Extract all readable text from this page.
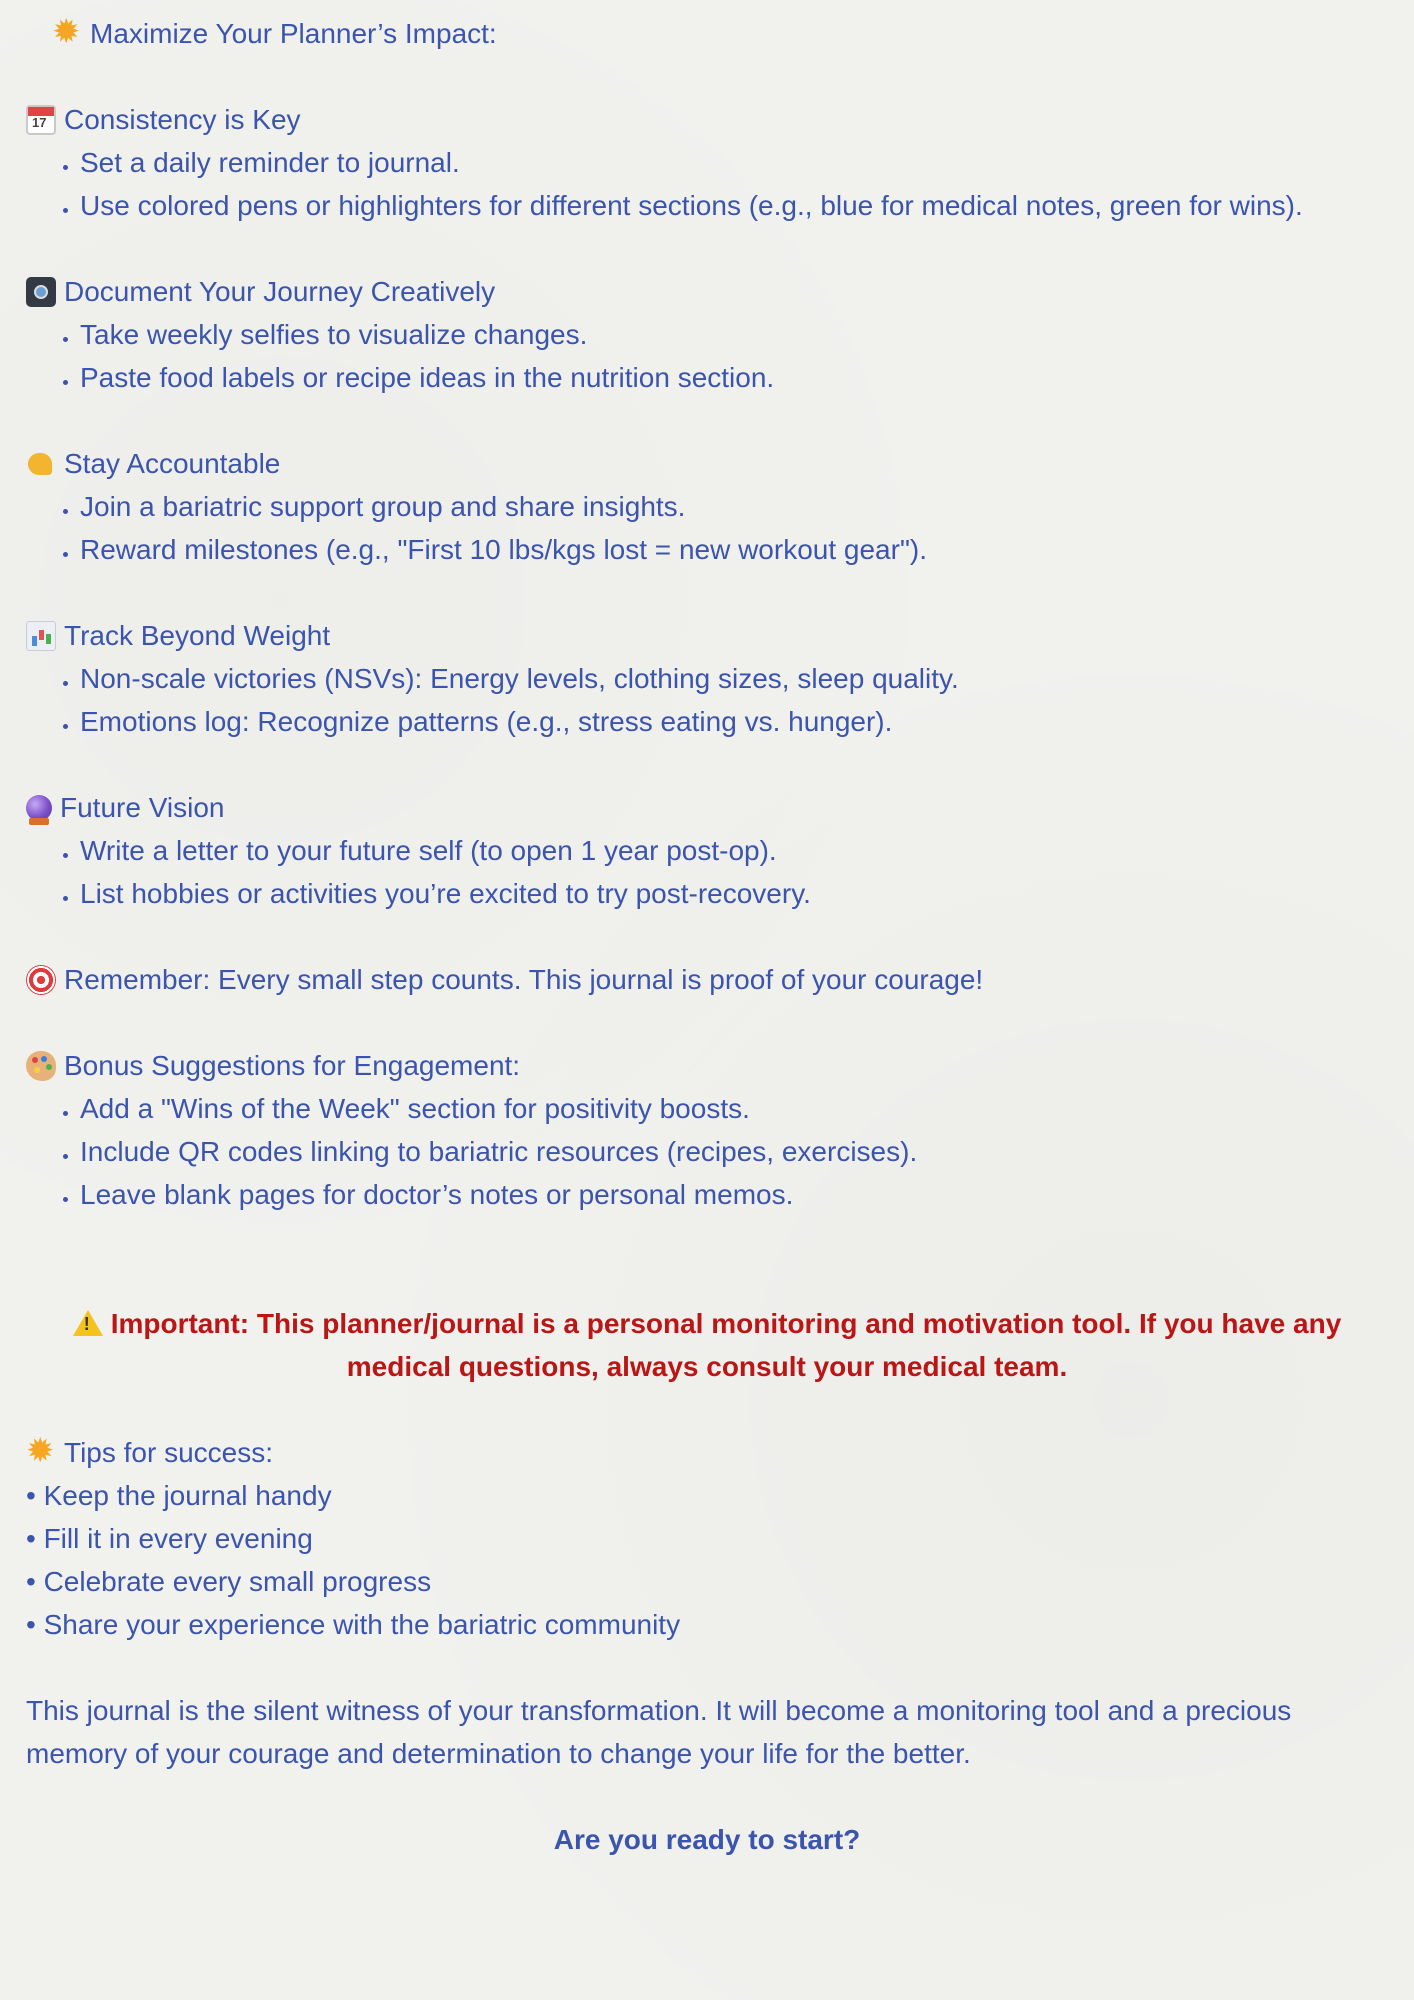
✹
Maximize Your Planner’s Impact:
17
Consistency is Key
• Set a daily reminder to journal.
• Use colored pens or highlighters for different sections (e.g., blue for medical notes, green for wins).
Document Your Journey Creatively
• Take weekly selfies to visualize changes.
• Paste food labels or recipe ideas in the nutrition section.
Stay Accountable
• Join a bariatric support group and share insights.
• Reward milestones (e.g., "First 10 lbs/kgs lost = new workout gear").
Track Beyond Weight
• Non-scale victories (NSVs): Energy levels, clothing sizes, sleep quality.
• Emotions log: Recognize patterns (e.g., stress eating vs. hunger).
Future Vision
• Write a letter to your future self (to open 1 year post-op).
• List hobbies or activities you’re excited to try post-recovery.
Remember: Every small step counts. This journal is proof of your courage!
Bonus Suggestions for Engagement:
• Add a "Wins of the Week" section for positivity boosts.
• Include QR codes linking to bariatric resources (recipes, exercises).
• Leave blank pages for doctor’s notes or personal memos.
!Important: This planner/journal is a personal monitoring and motivation tool. If you have any medical questions, always consult your medical team.
✹
Tips for success:

• Keep the journal handy

• Fill it in every evening

• Celebrate every small progress

• Share your experience with the bariatric community

This journal is the silent witness of your transformation. It will become a monitoring tool and a precious memory of your courage and determination to change your life for the better.

Are you ready to start?
